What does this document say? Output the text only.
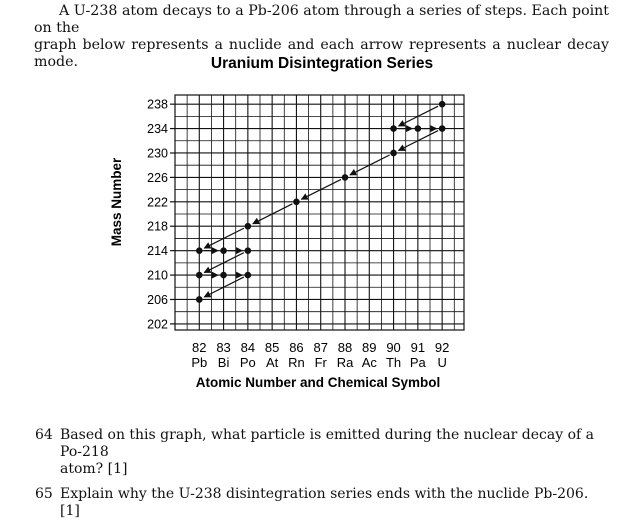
A U-238 atom decays to a Pb-206 atom through a series of steps. Each point on the
graph below represents a nuclide and each arrow represents a nuclear decay mode.	Uranium Disintegration Series
Mass Number
Atomic Number and Chemical Symbol
238
234
230
226
222
218
214
210
206
202
82
Pb
83
Bi
84
Po
85
At
86
Rn
87
Fr
88
Ra
89
Ac
90
Th
91
Pa
92
U
64 Based on this graph, what particle is emitted during the nuclear decay of a Po-218
atom? [1]
65 Explain why the U-238 disintegration series ends with the nuclide Pb-206. [1]
